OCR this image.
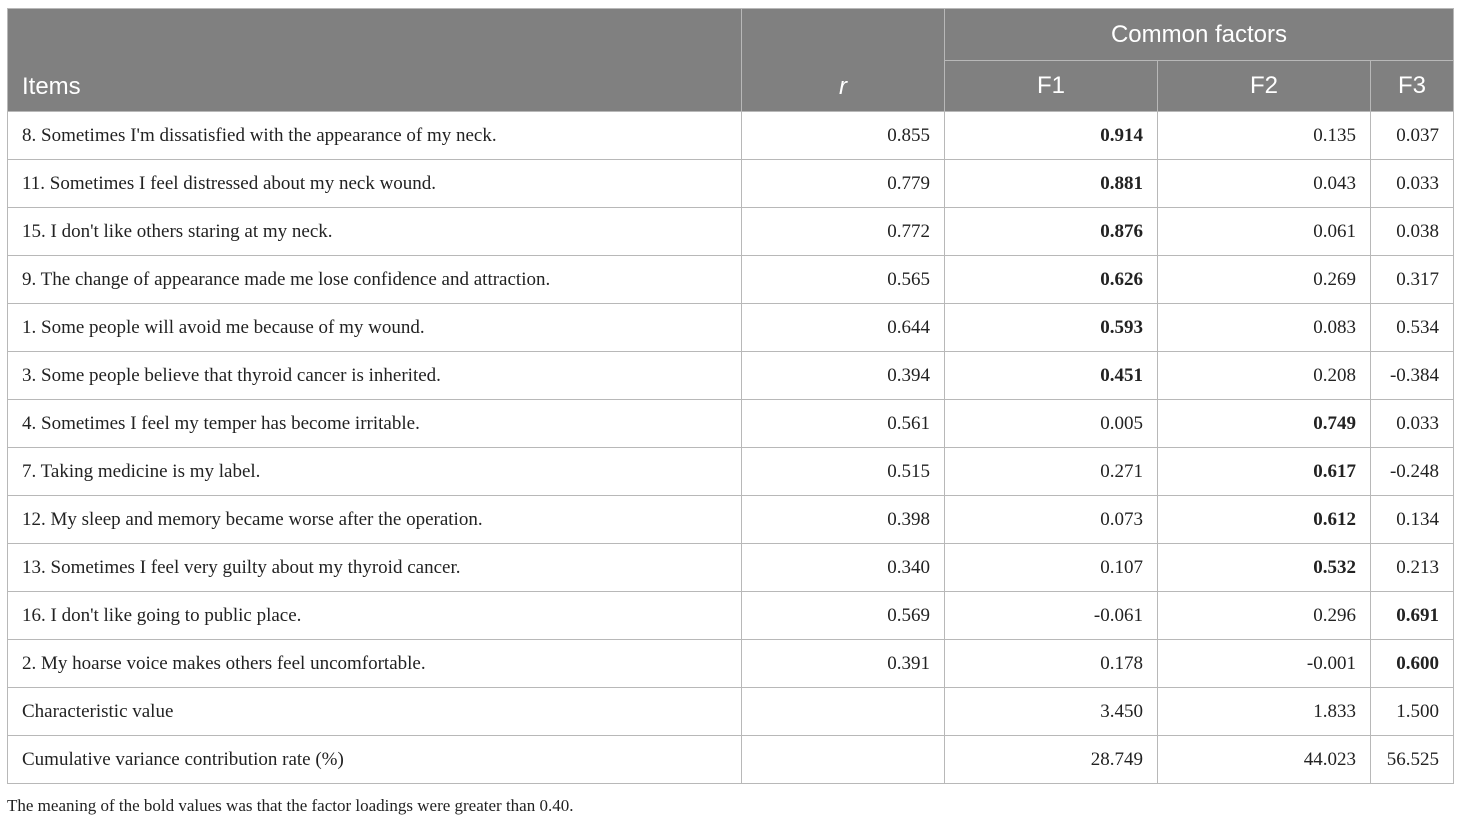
Items	r	Common factors		
		F1	F2	F3
8. Sometimes I'm dissatisfied with the appearance of my neck.	0.855	0.914	0.135	0.037
11. Sometimes I feel distressed about my neck wound.	0.779	0.881	0.043	0.033
15. I don't like others staring at my neck.	0.772	0.876	0.061	0.038
9. The change of appearance made me lose confidence and attraction.	0.565	0.626	0.269	0.317
1. Some people will avoid me because of my wound.	0.644	0.593	0.083	0.534
3. Some people believe that thyroid cancer is inherited.	0.394	0.451	0.208	-0.384
4. Sometimes I feel my temper has become irritable.	0.561	0.005	0.749	0.033
7. Taking medicine is my label.	0.515	0.271	0.617	-0.248
12. My sleep and memory became worse after the operation.	0.398	0.073	0.612	0.134
13. Sometimes I feel very guilty about my thyroid cancer.	0.340	0.107	0.532	0.213
16. I don't like going to public place.	0.569	-0.061	0.296	0.691
2. My hoarse voice makes others feel uncomfortable.	0.391	0.178	-0.001	0.600
Characteristic value		3.450	1.833	1.500
Cumulative variance contribution rate (%)		28.749	44.023	56.525
The meaning of the bold values was that the factor loadings were greater than 0.40.
